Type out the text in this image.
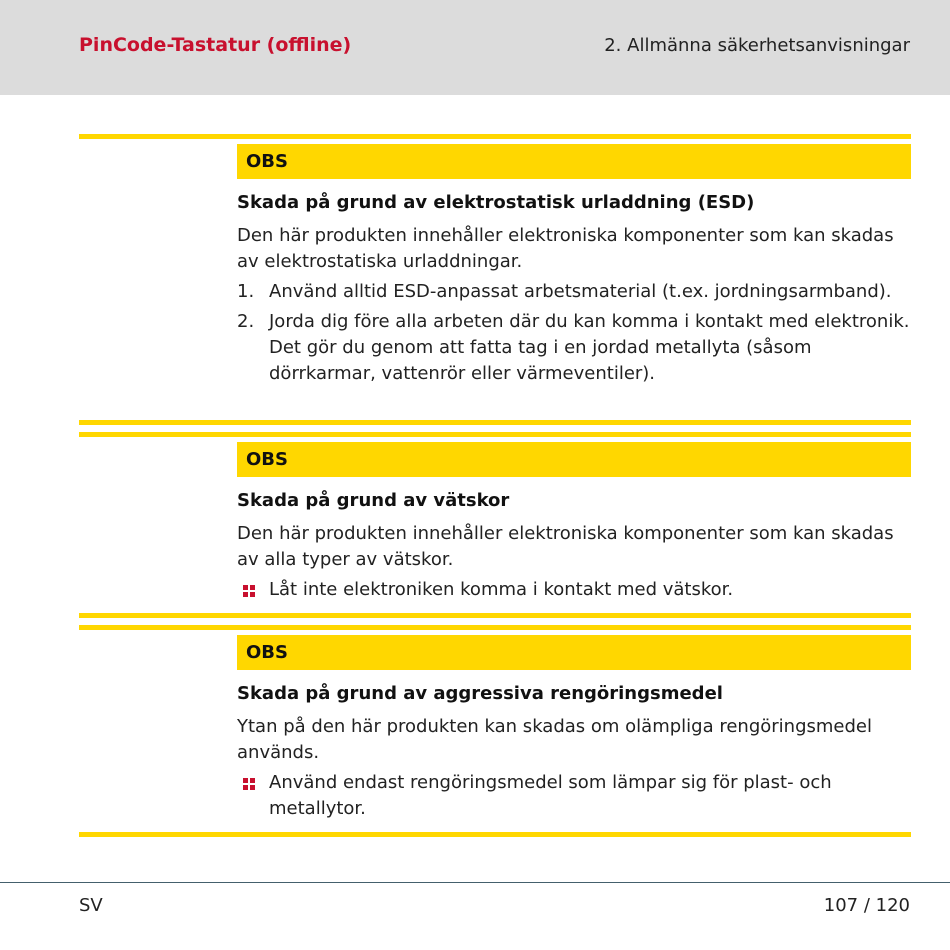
PinCode-Tastatur (offline)	2. Allmänna säkerhetsanvisningar
OBS
Skada på grund av elektrostatisk urladdning (ESD)
Den här produkten innehåller elektroniska komponenter som kan skadas av elektrostatiska urladdningar.
1. Använd alltid ESD-anpassat arbetsmaterial (t.ex. jordningsarmband).
2. Jorda dig före alla arbeten där du kan komma i kontakt med elektronik. Det gör du genom att fatta tag i en jordad metallyta (såsom dörrkarmar, vattenrör eller värmeventiler).
OBS
Skada på grund av vätskor
Den här produkten innehåller elektroniska komponenter som kan skadas av alla typer av vätskor.
Låt inte elektroniken komma i kontakt med vätskor.
OBS
Skada på grund av aggressiva rengöringsmedel
Ytan på den här produkten kan skadas om olämpliga rengöringsmedel används.
Använd endast rengöringsmedel som lämpar sig för plast- och metallytor.
SV	107 / 120
